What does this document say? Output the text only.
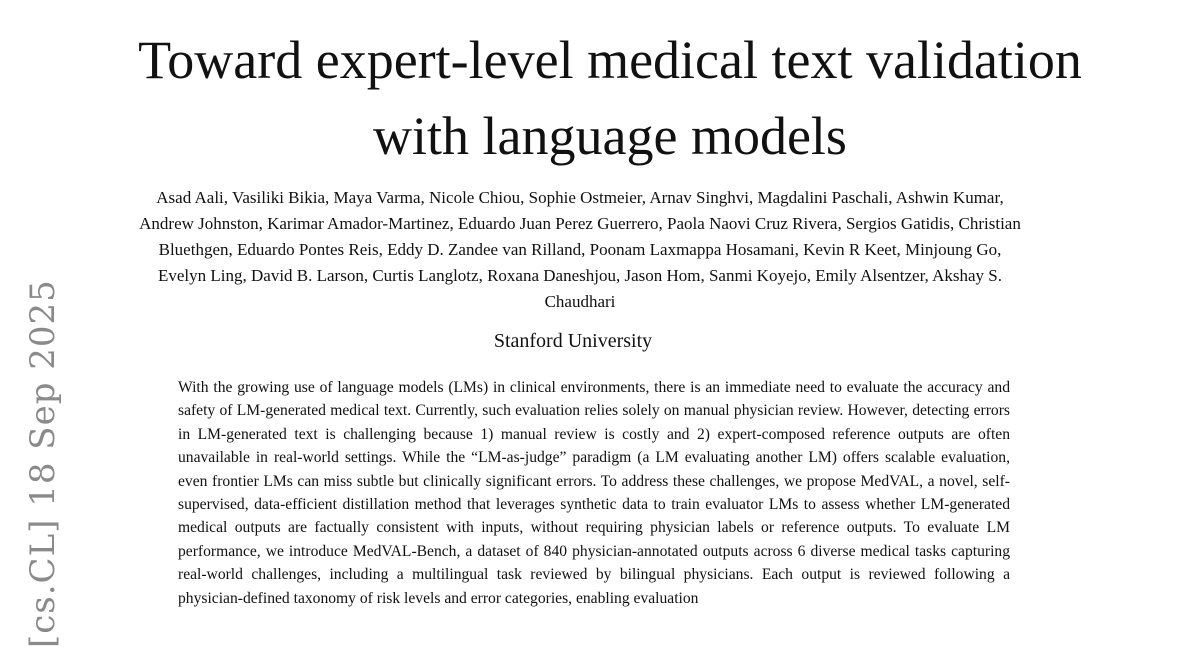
[cs.CL] 18 Sep 2025
Toward expert-level medical text validation with language models
Asad Aali, Vasiliki Bikia, Maya Varma, Nicole Chiou, Sophie Ostmeier, Arnav Singhvi, Magdalini Paschali, Ashwin Kumar, Andrew Johnston, Karimar Amador-Martinez, Eduardo Juan Perez Guerrero, Paola Naovi Cruz Rivera, Sergios Gatidis, Christian Bluethgen, Eduardo Pontes Reis, Eddy D. Zandee van Rilland, Poonam Laxmappa Hosamani, Kevin R Keet, Minjoung Go, Evelyn Ling, David B. Larson, Curtis Langlotz, Roxana Daneshjou, Jason Hom, Sanmi Koyejo, Emily Alsentzer, Akshay S. Chaudhari
Stanford University
With the growing use of language models (LMs) in clinical environments, there is an immediate need to evaluate the accuracy and safety of LM-generated medical text. Currently, such evaluation relies solely on manual physician review. However, detecting errors in LM-generated text is challenging because 1) manual review is costly and 2) expert-composed reference outputs are often unavailable in real-world settings. While the “LM-as-judge” paradigm (a LM evaluating another LM) offers scalable evaluation, even frontier LMs can miss subtle but clinically significant errors. To address these challenges, we propose MedVAL, a novel, self-supervised, data-efficient distillation method that leverages synthetic data to train evaluator LMs to assess whether LM-generated medical outputs are factually consistent with inputs, without requiring physician labels or reference outputs. To evaluate LM performance, we introduce MedVAL-Bench, a dataset of 840 physician-annotated outputs across 6 diverse medical tasks capturing real-world challenges, including a multilingual task reviewed by bilingual physicians. Each output is reviewed following a physician-defined taxonomy of risk levels and error categories, enabling evaluation
